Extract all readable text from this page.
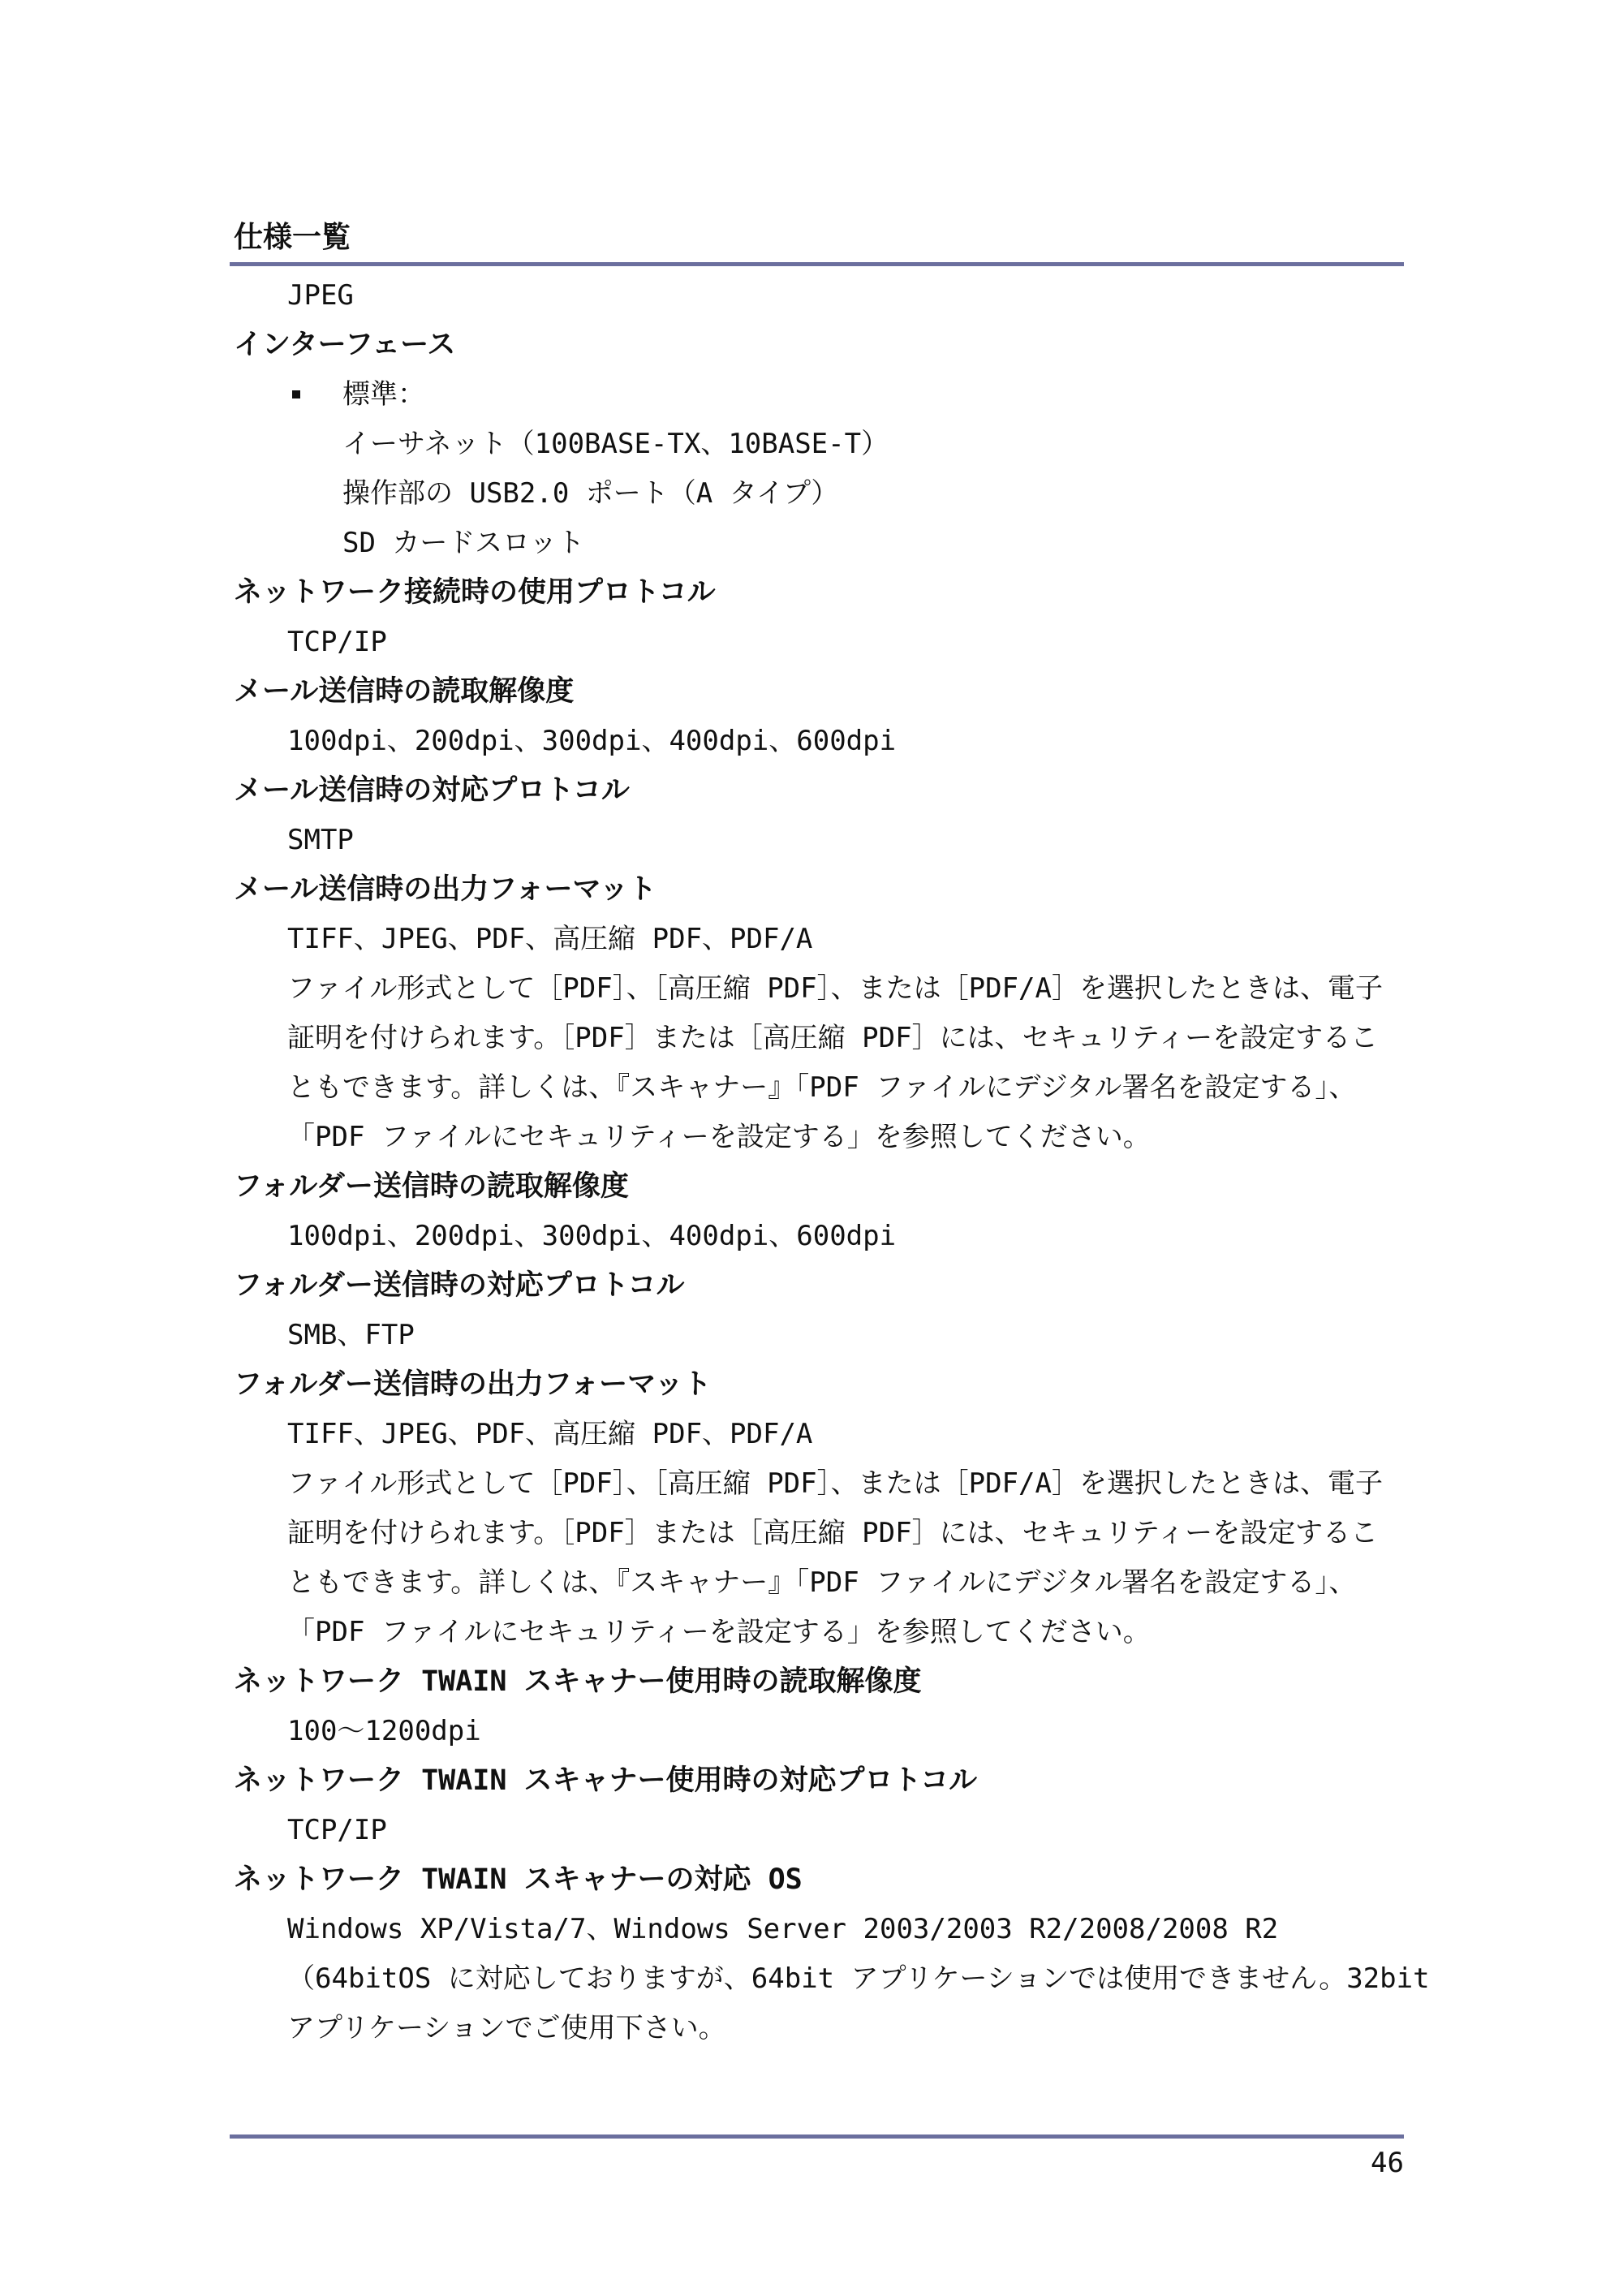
仕様一覧
JPEG
インターフェース
標準：
イーサネット（100BASE-TX、10BASE-T）
操作部の USB2.0 ポート（A タイプ）
SD カードスロット
ネットワーク接続時の使用プロトコル
TCP/IP
メール送信時の読取解像度
100dpi、200dpi、300dpi、400dpi、600dpi
メール送信時の対応プロトコル
SMTP
メール送信時の出力フォーマット
TIFF、JPEG、PDF、高圧縮 PDF、PDF/A
ファイル形式として［PDF］、［高圧縮 PDF］、または［PDF/A］を選択したときは、電子
証明を付けられます。［PDF］または［高圧縮 PDF］には、セキュリティーを設定するこ
ともできます。詳しくは、『スキャナー』「PDF ファイルにデジタル署名を設定する」、
「PDF ファイルにセキュリティーを設定する」を参照してください。
フォルダー送信時の読取解像度
100dpi、200dpi、300dpi、400dpi、600dpi
フォルダー送信時の対応プロトコル
SMB、FTP
フォルダー送信時の出力フォーマット
TIFF、JPEG、PDF、高圧縮 PDF、PDF/A
ファイル形式として［PDF］、［高圧縮 PDF］、または［PDF/A］を選択したときは、電子
証明を付けられます。［PDF］または［高圧縮 PDF］には、セキュリティーを設定するこ
ともできます。詳しくは、『スキャナー』「PDF ファイルにデジタル署名を設定する」、
「PDF ファイルにセキュリティーを設定する」を参照してください。
ネットワーク TWAIN スキャナー使用時の読取解像度
100～1200dpi
ネットワーク TWAIN スキャナー使用時の対応プロトコル
TCP/IP
ネットワーク TWAIN スキャナーの対応 OS
Windows XP/Vista/7、Windows Server 2003/2003 R2/2008/2008 R2
（64bitOS に対応しておりますが、64bit アプリケーションでは使用できません。32bit
アプリケーションでご使用下さい。
46
